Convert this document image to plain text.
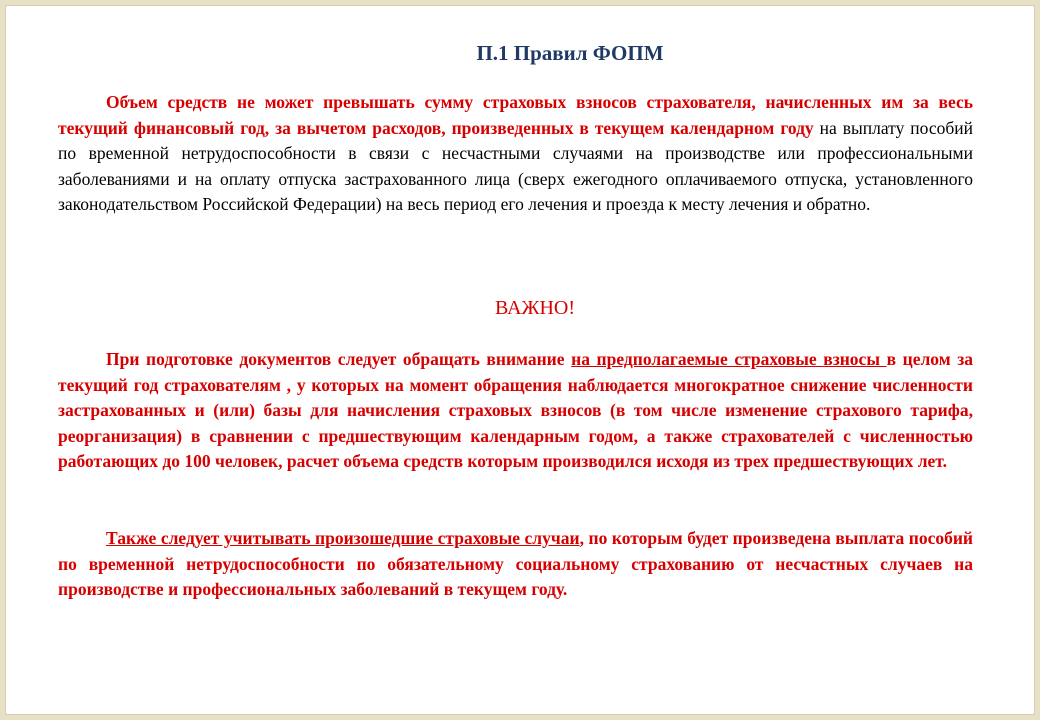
П.1 Правил ФОПМ

Объем средств не может превышать сумму страховых взносов страхователя, начисленных им за весь текущий финансовый год, за вычетом расходов, произведенных в текущем календарном году на выплату пособий по временной нетрудоспособности в связи с несчастными случаями на производстве или профессиональными заболеваниями и на оплату отпуска застрахованного лица (сверх ежегодного оплачиваемого отпуска, установленного законодательством Российской Федерации) на весь период его лечения и проезда к месту лечения и обратно.

ВАЖНО!

При подготовке документов следует обращать внимание на предполагаемые страховые взносы в целом за текущий год страхователям , у которых на момент обращения наблюдается многократное снижение численности застрахованных и (или) базы для начисления страховых взносов (в том числе изменение страхового тарифа, реорганизация) в сравнении с предшествующим календарным годом, а также страхователей с численностью работающих до 100 человек, расчет объема средств которым производился исходя из трех предшествующих лет.

Также следует учитывать произошедшие страховые случаи, по которым будет произведена выплата пособий по временной нетрудоспособности по обязательному социальному страхованию от несчастных случаев на производстве и профессиональных заболеваний в текущем году.
